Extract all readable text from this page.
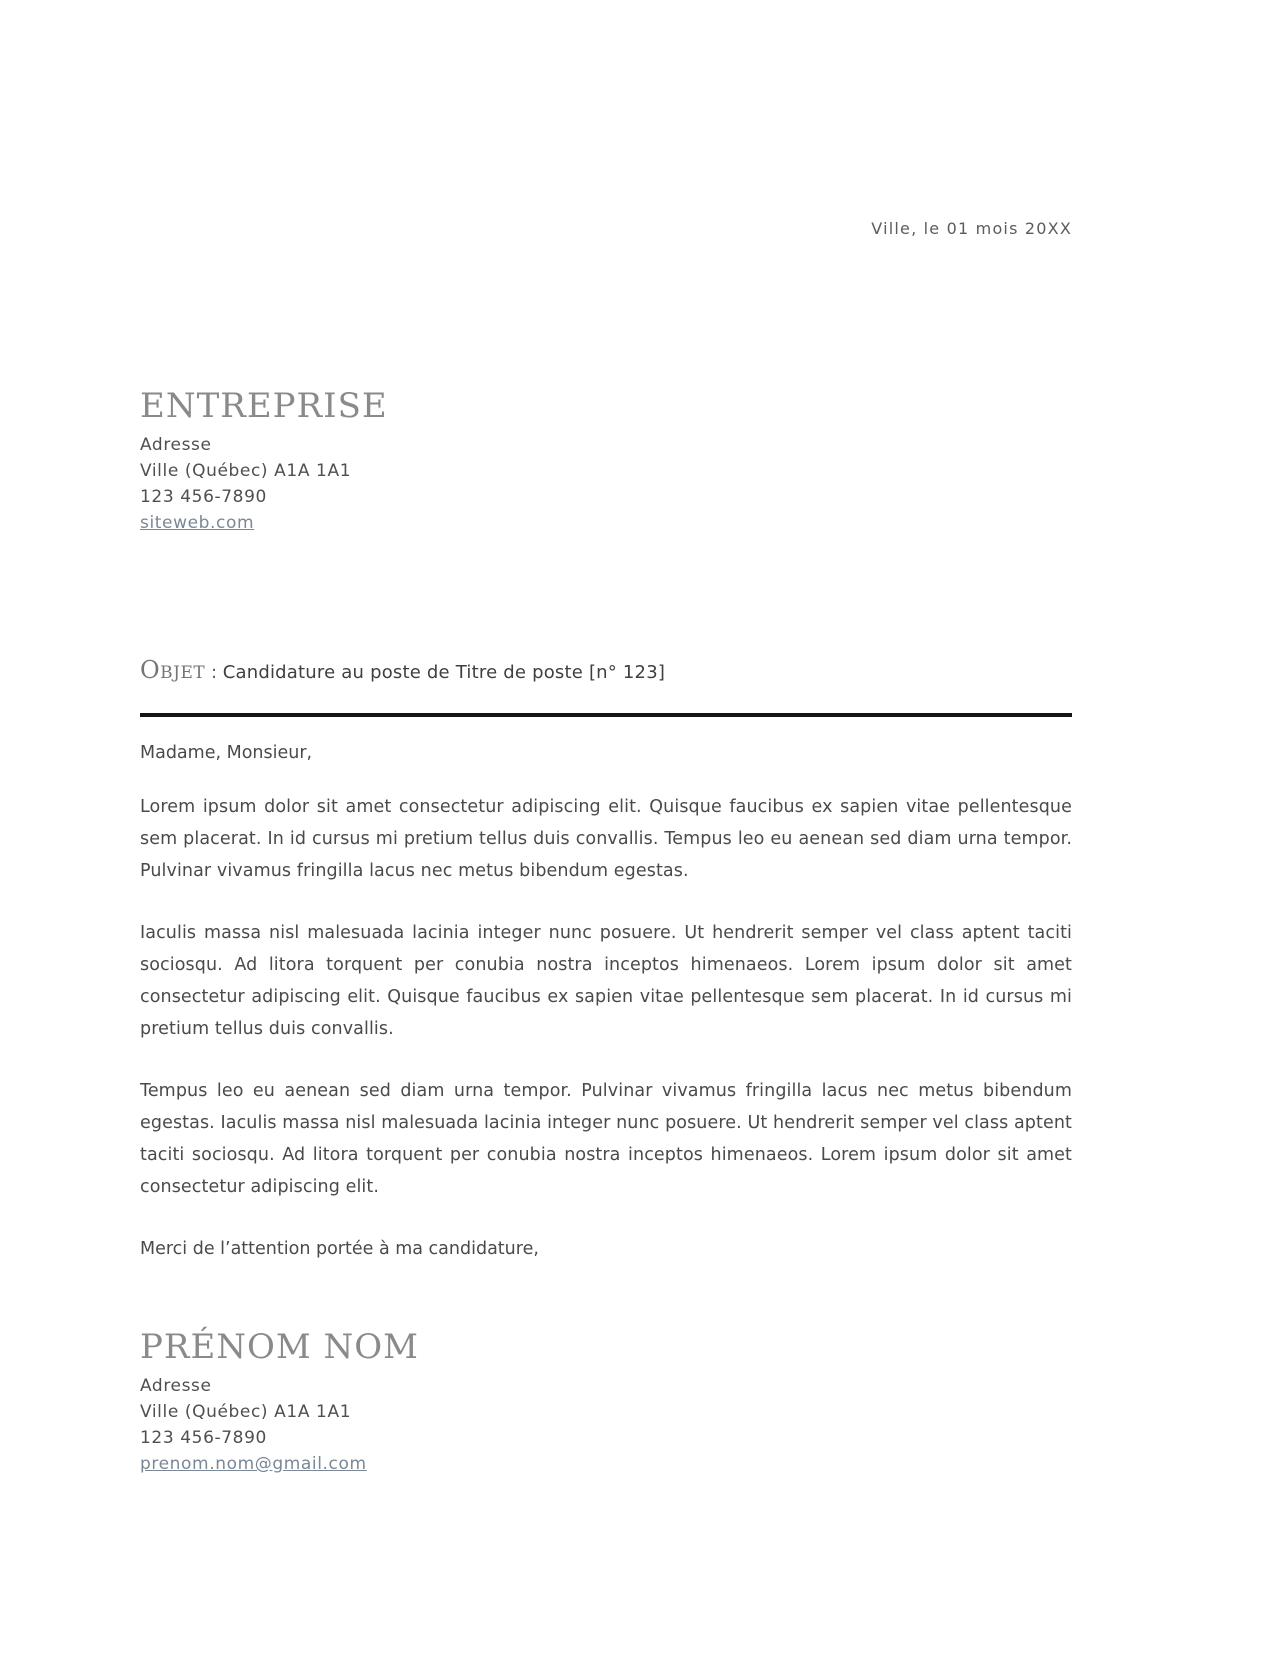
Ville, le 01 mois 20XX
ENTREPRISE
Adresse
Ville (Québec) A1A 1A1
123 456-7890
siteweb.com
Objet : Candidature au poste de Titre de poste [n° 123]
Madame, Monsieur,

Lorem ipsum dolor sit amet consectetur adipiscing elit. Quisque faucibus ex sapien vitae pellentesque sem placerat. In id cursus mi pretium tellus duis convallis. Tempus leo eu aenean sed diam urna tempor. Pulvinar vivamus fringilla lacus nec metus bibendum egestas.

Iaculis massa nisl malesuada lacinia integer nunc posuere. Ut hendrerit semper vel class aptent taciti sociosqu. Ad litora torquent per conubia nostra inceptos himenaeos. Lorem ipsum dolor sit amet consectetur adipiscing elit. Quisque faucibus ex sapien vitae pellentesque sem placerat. In id cursus mi pretium tellus duis convallis.

Tempus leo eu aenean sed diam urna tempor. Pulvinar vivamus fringilla lacus nec metus bibendum egestas. Iaculis massa nisl malesuada lacinia integer nunc posuere. Ut hendrerit semper vel class aptent taciti sociosqu. Ad litora torquent per conubia nostra inceptos himenaeos. Lorem ipsum dolor sit amet consectetur adipiscing elit.

Merci de l’attention portée à ma candidature,
PRÉNOM NOM
Adresse
Ville (Québec) A1A 1A1
123 456-7890
prenom.nom@gmail.com
